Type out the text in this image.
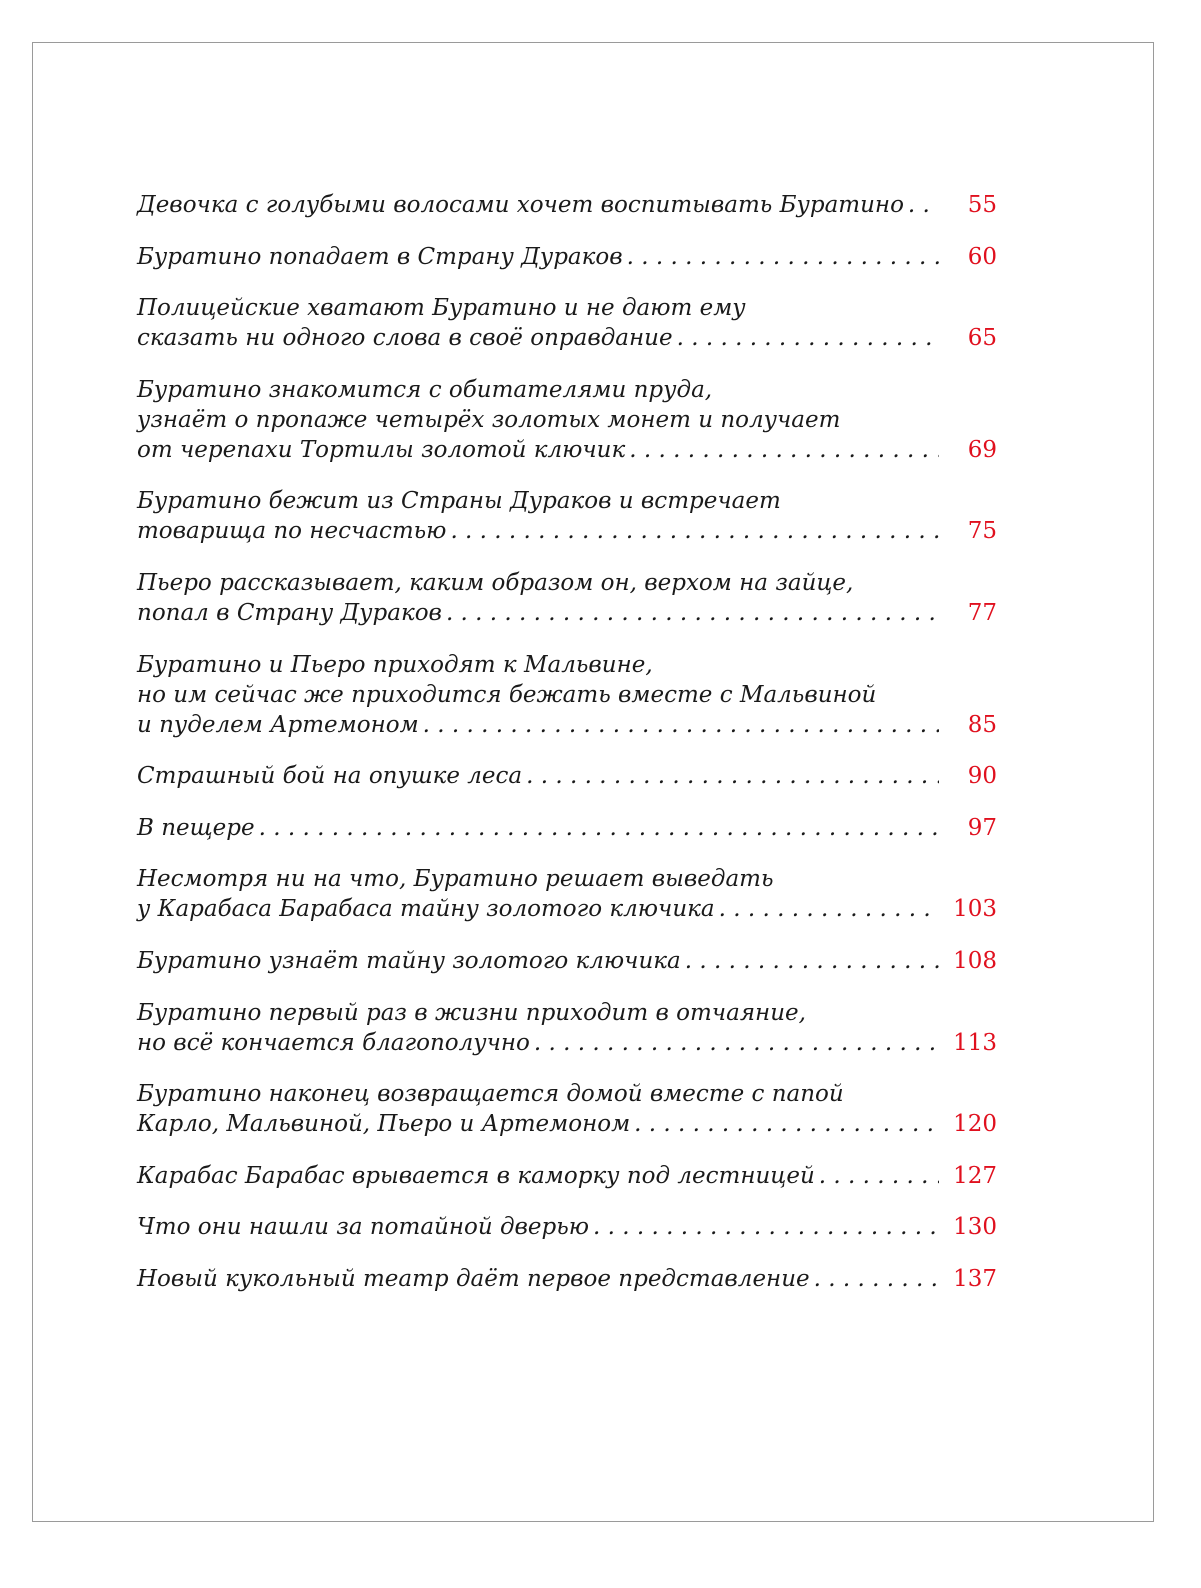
Девочка с голубыми волосами хочет воспитывать Буратино . . .	55
Буратино попадает в Страну Дураков . . .	60
Полицейские хватают Буратино и не дают ему
сказать ни одного слова в своё оправдание . . .	65
Буратино знакомится с обитателями пруда,
узнаёт о пропаже четырёх золотых монет и получает
от черепахи Тортилы золотой ключик . . .	69
Буратино бежит из Страны Дураков и встречает
товарища по несчастью . . .	75
Пьеро рассказывает, каким образом он, верхом на зайце,
попал в Страну Дураков . . .	77
Буратино и Пьеро приходят к Мальвине,
но им сейчас же приходится бежать вместе с Мальвиной
и пуделем Артемоном . . .	85
Страшный бой на опушке леса . . .	90
В пещере . . .	97
Несмотря ни на что, Буратино решает выведать
у Карабаса Барабаса тайну золотого ключика . . .	103
Буратино узнаёт тайну золотого ключика . . .	108
Буратино первый раз в жизни приходит в отчаяние,
но всё кончается благополучно . . .	113
Буратино наконец возвращается домой вместе с папой
Карло, Мальвиной, Пьеро и Артемоном . . .	120
Карабас Барабас врывается в каморку под лестницей . . .	127
Что они нашли за потайной дверью . . .	130
Новый кукольный театр даёт первое представление . . .	137
